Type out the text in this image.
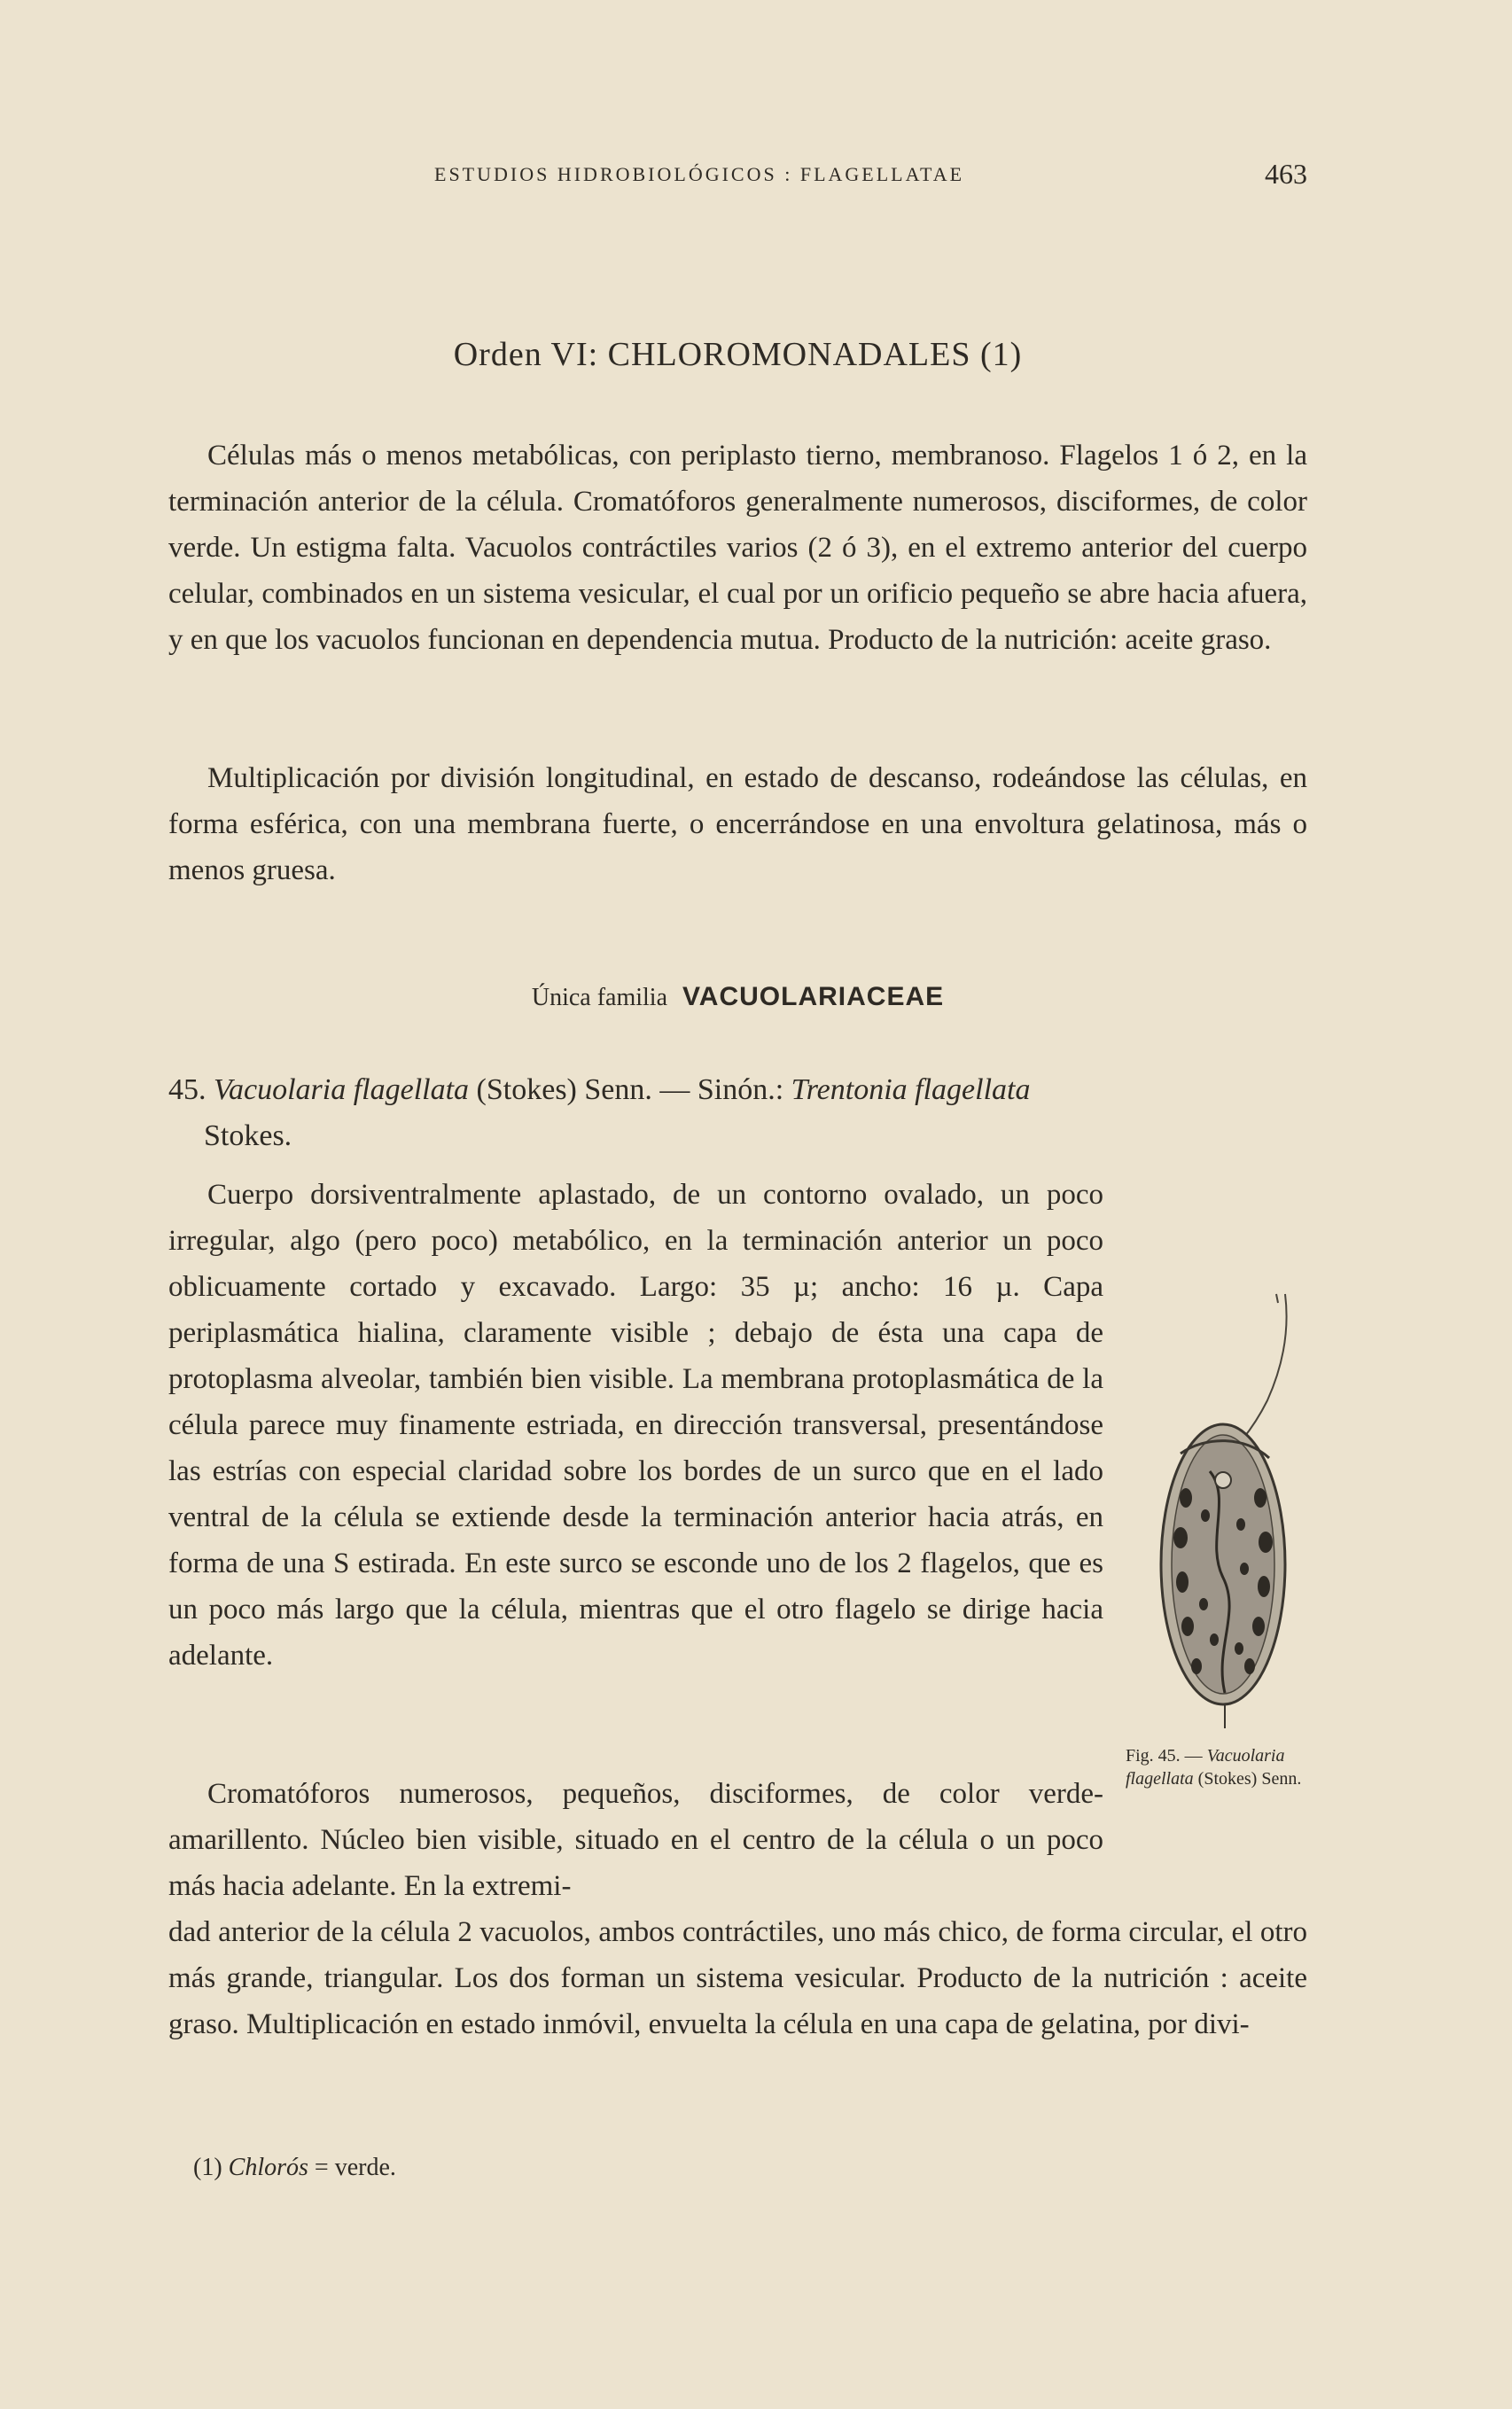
ESTUDIOS HIDROBIOLÓGICOS : FLAGELLATAE	463
Orden VI: CHLOROMONADALES (1)

Células más o menos metabólicas, con periplasto tierno, membranoso. Flagelos 1 ó 2, en la terminación anterior de la célula. Cromatóforos generalmente numerosos, disciformes, de color verde. Un estigma falta. Vacuolos contráctiles varios (2 ó 3), en el extremo anterior del cuerpo celular, combinados en un sistema vesicular, el cual por un orificio pequeño se abre hacia afuera, y en que los vacuolos funcionan en dependencia mutua. Producto de la nutrición: aceite graso.

Multiplicación por división longitudinal, en estado de descanso, rodeándose las células, en forma esférica, con una membrana fuerte, o encerrándose en una envoltura gelatinosa, más o menos gruesa.

Única familia VACUOLARIACEAE

45. Vacuolaria flagellata (Stokes) Senn. — Sinón.: Trentonia flagellata
Stokes.

Cuerpo dorsiventralmente aplastado, de un contorno ovalado, un poco irregular, algo (pero poco) metabólico, en la terminación anterior un poco oblicuamente cortado y excavado. Largo: 35 µ; ancho: 16 µ. Capa periplasmática hialina, claramente visible ; debajo de ésta una capa de protoplasma alveolar, también bien visible. La membrana protoplasmática de la célula parece muy finamente estriada, en dirección transversal, presentándose las estrías con especial claridad sobre los bordes de un surco que en el lado ventral de la célula se extiende desde la terminación anterior hacia atrás, en forma de una S estirada. En este surco se esconde uno de los 2 flagelos, que es un poco más largo que la célula, mientras que el otro flagelo se dirige hacia adelante.

Cromatóforos numerosos, pequeños, disciformes, de color verde-amarillento. Núcleo bien visible, situado en el centro de la célula o un poco más hacia adelante. En la extremi-

dad anterior de la célula 2 vacuolos, ambos contráctiles, uno más chico, de forma circular, el otro más grande, triangular. Los dos forman un sistema vesicular. Producto de la nutrición : aceite graso. Multiplicación en estado inmóvil, envuelta la célula en una capa de gelatina, por divi-

Fig. 45. — Vacuolaria flagellata (Stokes) Senn.
(1) Chlorós = verde.
